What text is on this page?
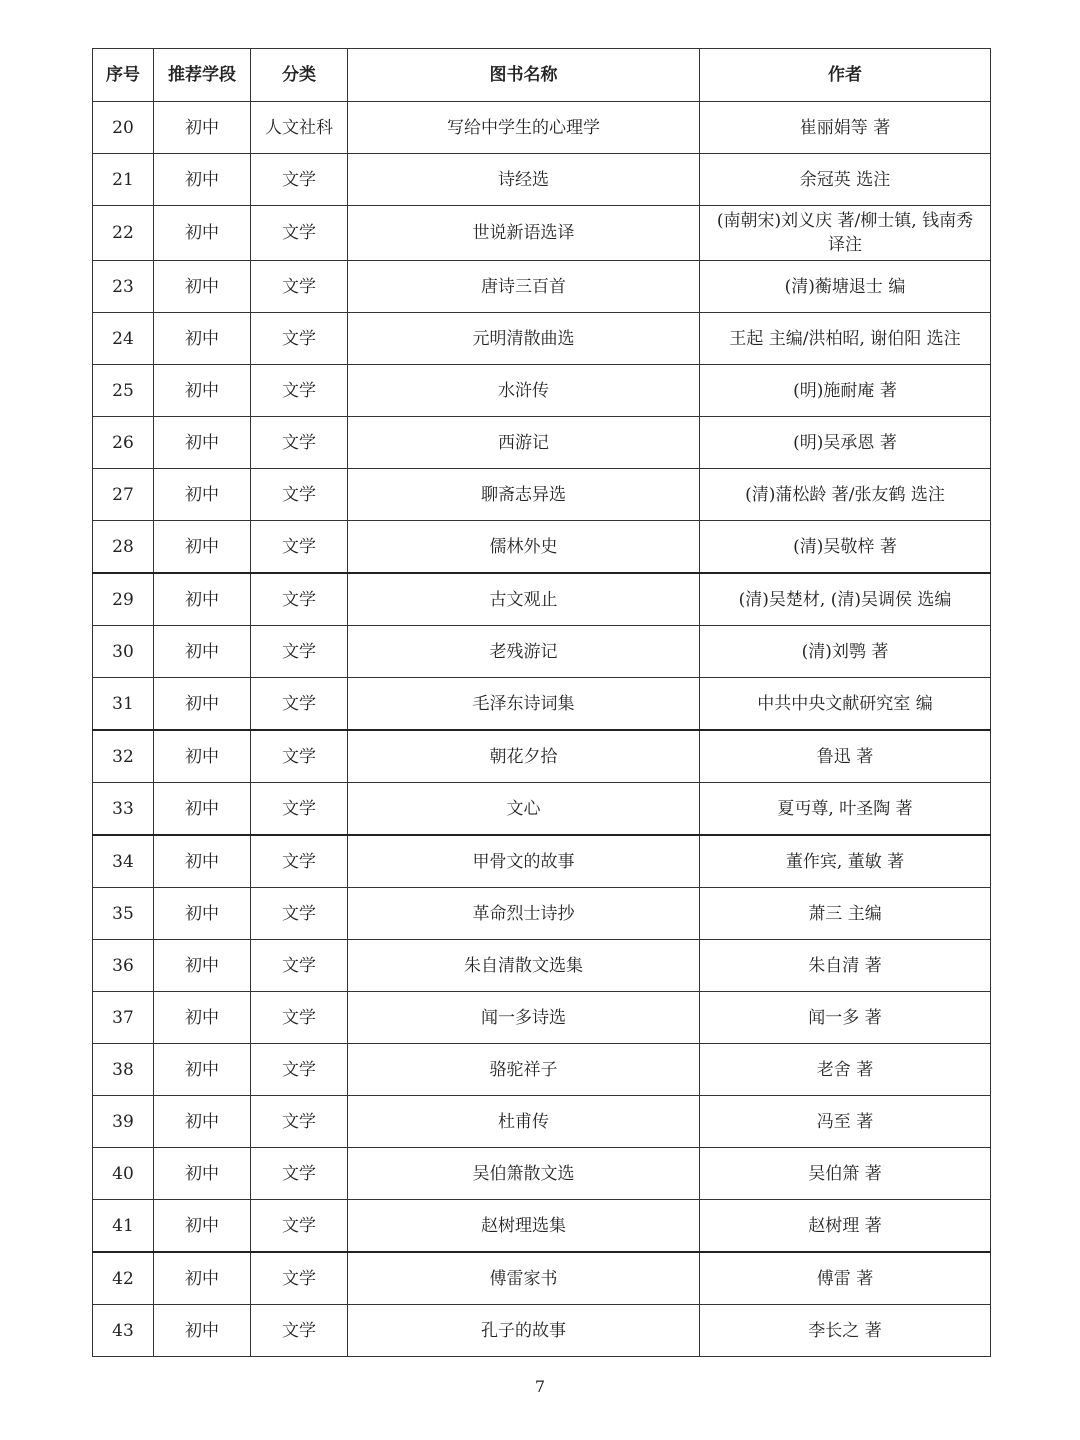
序号	推荐学段	分类	图书名称	作者
20	初中	人文社科	写给中学生的心理学	崔丽娟等 著
21	初中	文学	诗经选	余冠英 选注
22	初中	文学	世说新语选译	(南朝宋)刘义庆 著/柳士镇, 钱南秀 译注
23	初中	文学	唐诗三百首	(清)蘅塘退士 编
24	初中	文学	元明清散曲选	王起 主编/洪柏昭, 谢伯阳 选注
25	初中	文学	水浒传	(明)施耐庵 著
26	初中	文学	西游记	(明)吴承恩 著
27	初中	文学	聊斋志异选	(清)蒲松龄 著/张友鹤 选注
28	初中	文学	儒林外史	(清)吴敬梓 著
29	初中	文学	古文观止	(清)吴楚材, (清)吴调侯 选编
30	初中	文学	老残游记	(清)刘鹗 著
31	初中	文学	毛泽东诗词集	中共中央文献研究室 编
32	初中	文学	朝花夕拾	鲁迅 著
33	初中	文学	文心	夏丏尊, 叶圣陶 著
34	初中	文学	甲骨文的故事	董作宾, 董敏 著
35	初中	文学	革命烈士诗抄	萧三 主编
36	初中	文学	朱自清散文选集	朱自清 著
37	初中	文学	闻一多诗选	闻一多 著
38	初中	文学	骆驼祥子	老舍 著
39	初中	文学	杜甫传	冯至 著
40	初中	文学	吴伯箫散文选	吴伯箫 著
41	初中	文学	赵树理选集	赵树理 著
42	初中	文学	傅雷家书	傅雷 著
43	初中	文学	孔子的故事	李长之 著
7
